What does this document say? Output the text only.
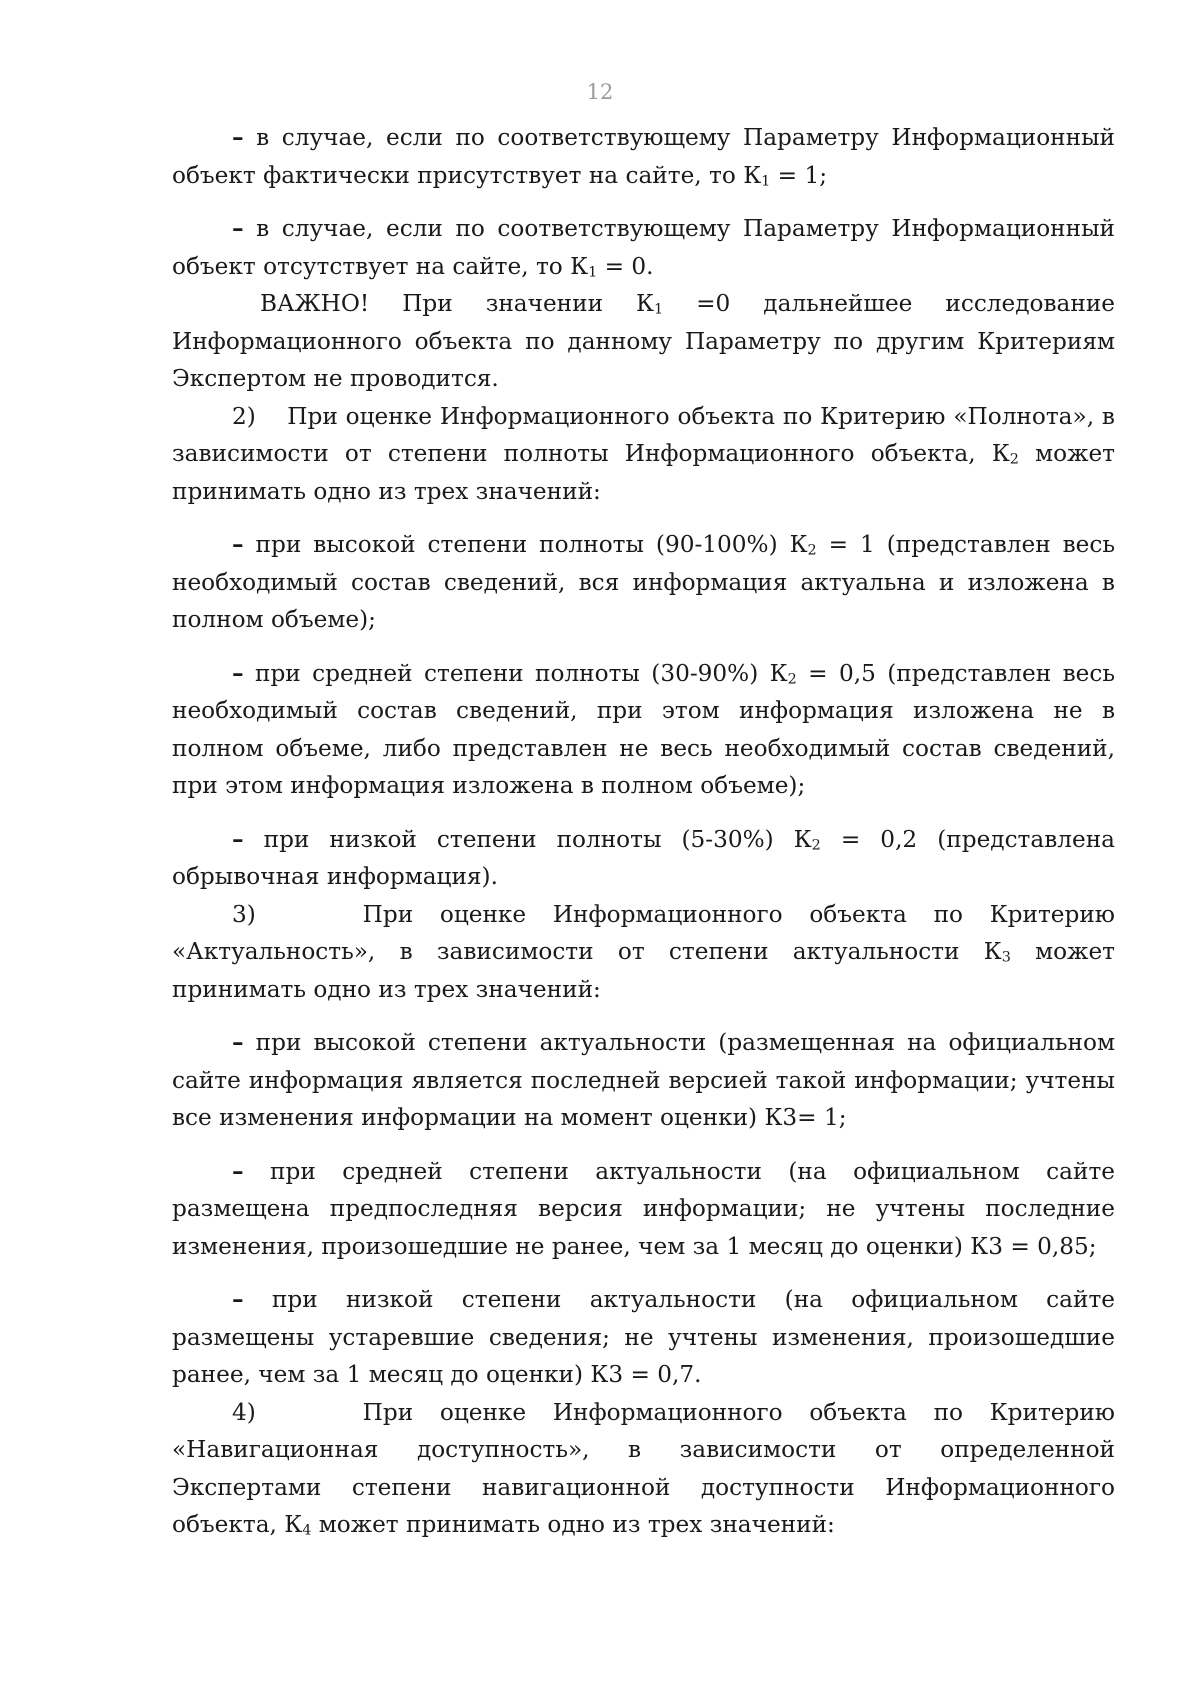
12

– в случае, если по соответствующему Параметру Информационный объект фактически присутствует на сайте, то $К_1 = 1$;

– в случае, если по соответствующему Параметру Информационный объект отсутствует на сайте, то $К_1 = 0$.

ВАЖНО! При значении $К_1 =0$ дальнейшее исследование Информационного объекта по данному Параметру по другим Критериям Экспертом не проводится.

2)    При оценке Информационного объекта по Критерию «Полнота», в зависимости от степени полноты Информационного объекта, $К_2$ может принимать одно из трех значений:

– при высокой степени полноты (90-100%) $К_2 = 1$ (представлен весь необходимый состав сведений, вся информация актуальна и изложена в полном объеме);

– при средней степени полноты (30-90%) $К_2 = 0,5$ (представлен весь необходимый состав сведений, при этом информация изложена не в полном объеме, либо представлен не весь необходимый состав сведений, при этом информация изложена в полном объеме);

– при низкой степени полноты (5-30%) $К_2 = 0,2$ (представлена обрывочная информация).

3)    При оценке Информационного объекта по Критерию «Актуальность», в зависимости от степени актуальности $К_3$ может принимать одно из трех значений:

– при высокой степени актуальности (размещенная на официальном сайте информация является последней версией такой информации; учтены все изменения информации на момент оценки) К3= 1;

– при средней степени актуальности (на официальном сайте размещена предпоследняя версия информации; не учтены последние изменения, произошедшие не ранее, чем за 1 месяц до оценки) К3 = 0,85;

– при низкой степени актуальности (на официальном сайте размещены устаревшие сведения; не учтены изменения, произошедшие ранее, чем за 1 месяц до оценки) К3 = 0,7.

4)    При оценке Информационного объекта по Критерию «Навигационная доступность», в зависимости от определенной Экспертами степени навигационной доступности Информационного объекта, $К_4$ может принимать одно из трех значений:
